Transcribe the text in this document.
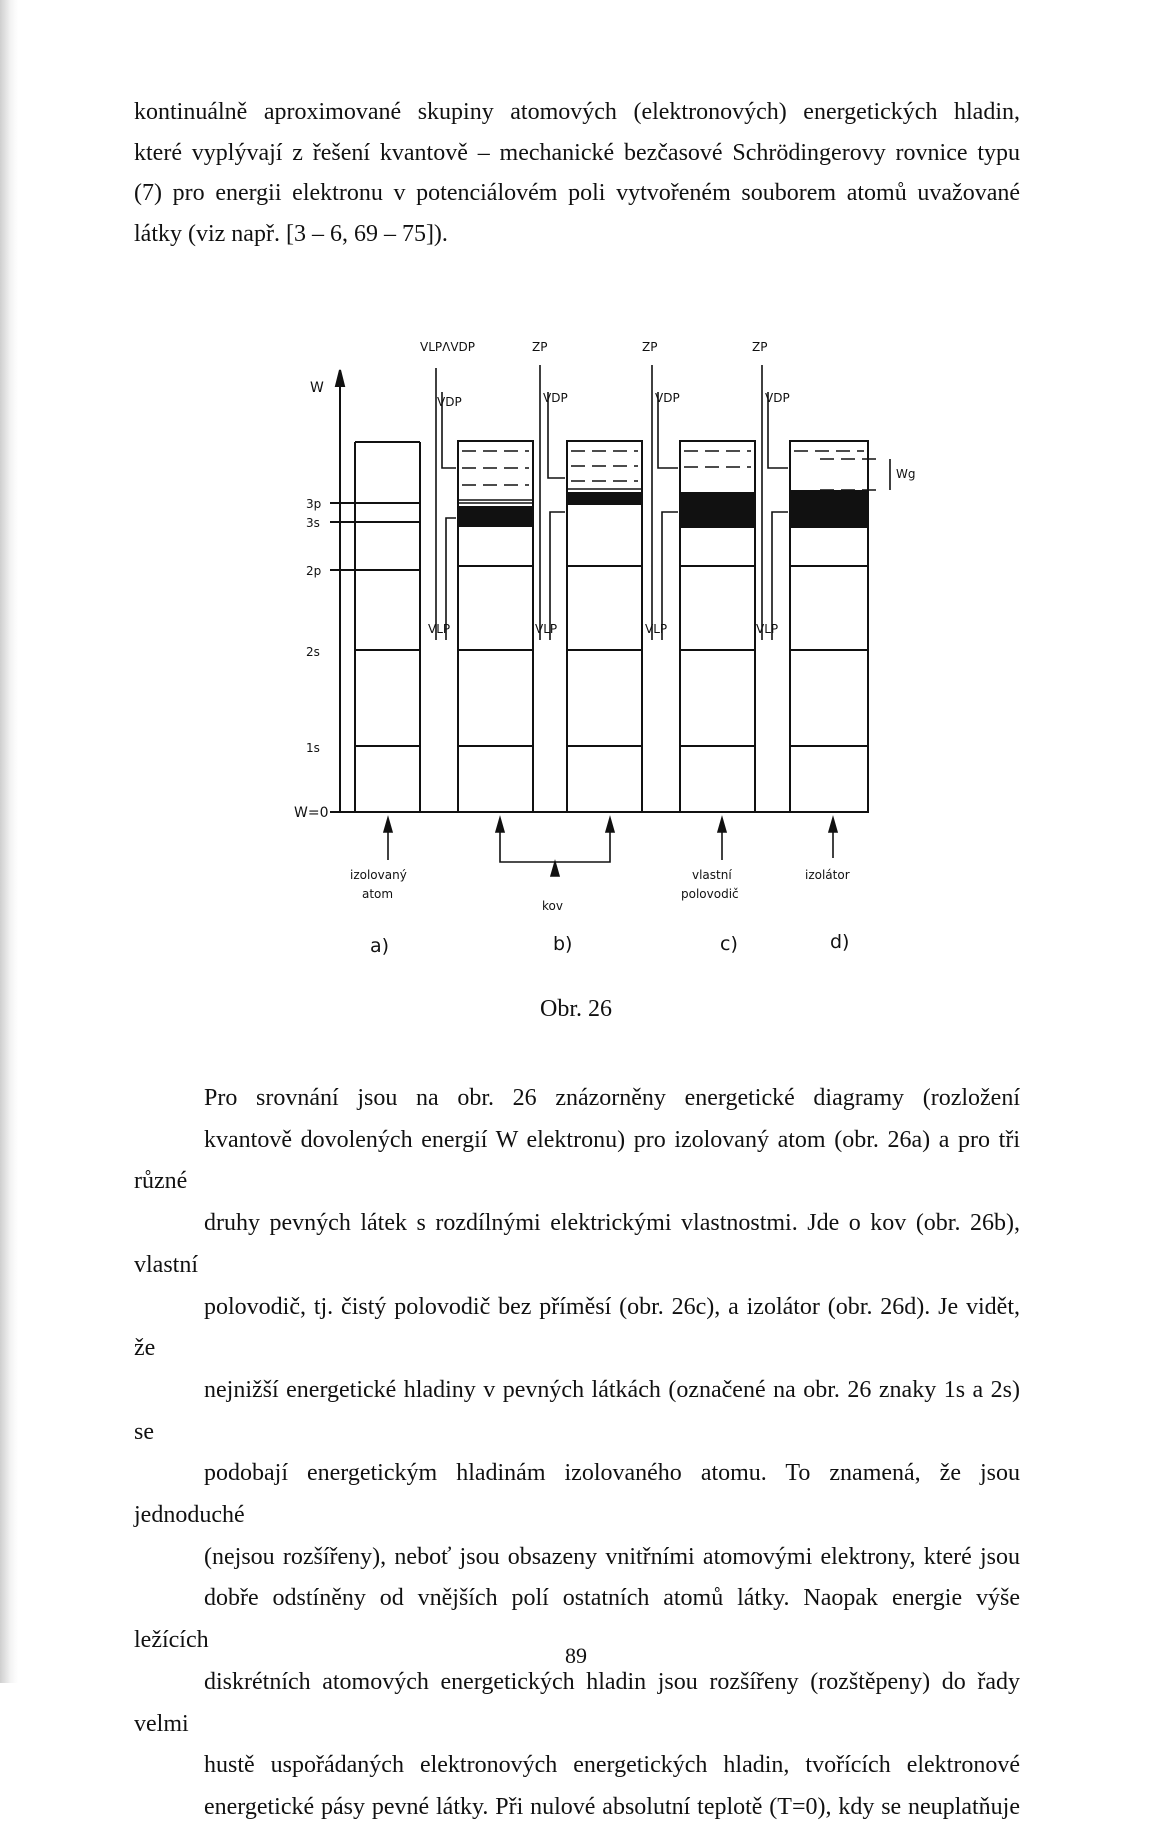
kontinuálně aproximované skupiny atomových (elektronových) energetických hladin,
které vyplývají z řešení kvantově – mechanické bezčasové Schrödingerovy rovnice typu
(7) pro energii elektronu v potenciálovém poli vytvořeném souborem atomů uvažované
látky (viz např. [3 – 6, 69 – 75]).

W
3p
3s
2p
2s
1s
W=0
VLPΛVDP	ZP	ZP	ZP
VDP	VDP	VDP	VDP
VLP	VLP	VLP	VLP
Wg
izolovaný
atom
kov
vlastní
polovodič
izolátor
a)	b)	c)	d)

Obr. 26

Pro srovnání jsou na obr. 26 znázorněny energetické diagramy (rozložení
kvantově dovolených energií W elektronu) pro izolovaný atom (obr. 26a) a pro tři různé
druhy pevných látek s rozdílnými elektrickými vlastnostmi. Jde o kov (obr. 26b), vlastní
polovodič, tj. čistý polovodič bez příměsí (obr. 26c), a izolátor (obr. 26d). Je vidět, že
nejnižší energetické hladiny v pevných látkách (označené na obr. 26 znaky 1s a 2s) se
podobají energetickým hladinám izolovaného atomu. To znamená, že jsou jednoduché
(nejsou rozšířeny), neboť jsou obsazeny vnitřními atomovými elektrony, které jsou
dobře odstíněny od vnějších polí ostatních atomů látky. Naopak energie výše ležících
diskrétních atomových energetických hladin jsou rozšířeny (rozštěpeny) do řady velmi
hustě uspořádaných elektronových energetických hladin, tvořících elektronové
energetické pásy pevné látky. Při nulové absolutní teplotě (T=0), kdy se neuplatňuje

89
